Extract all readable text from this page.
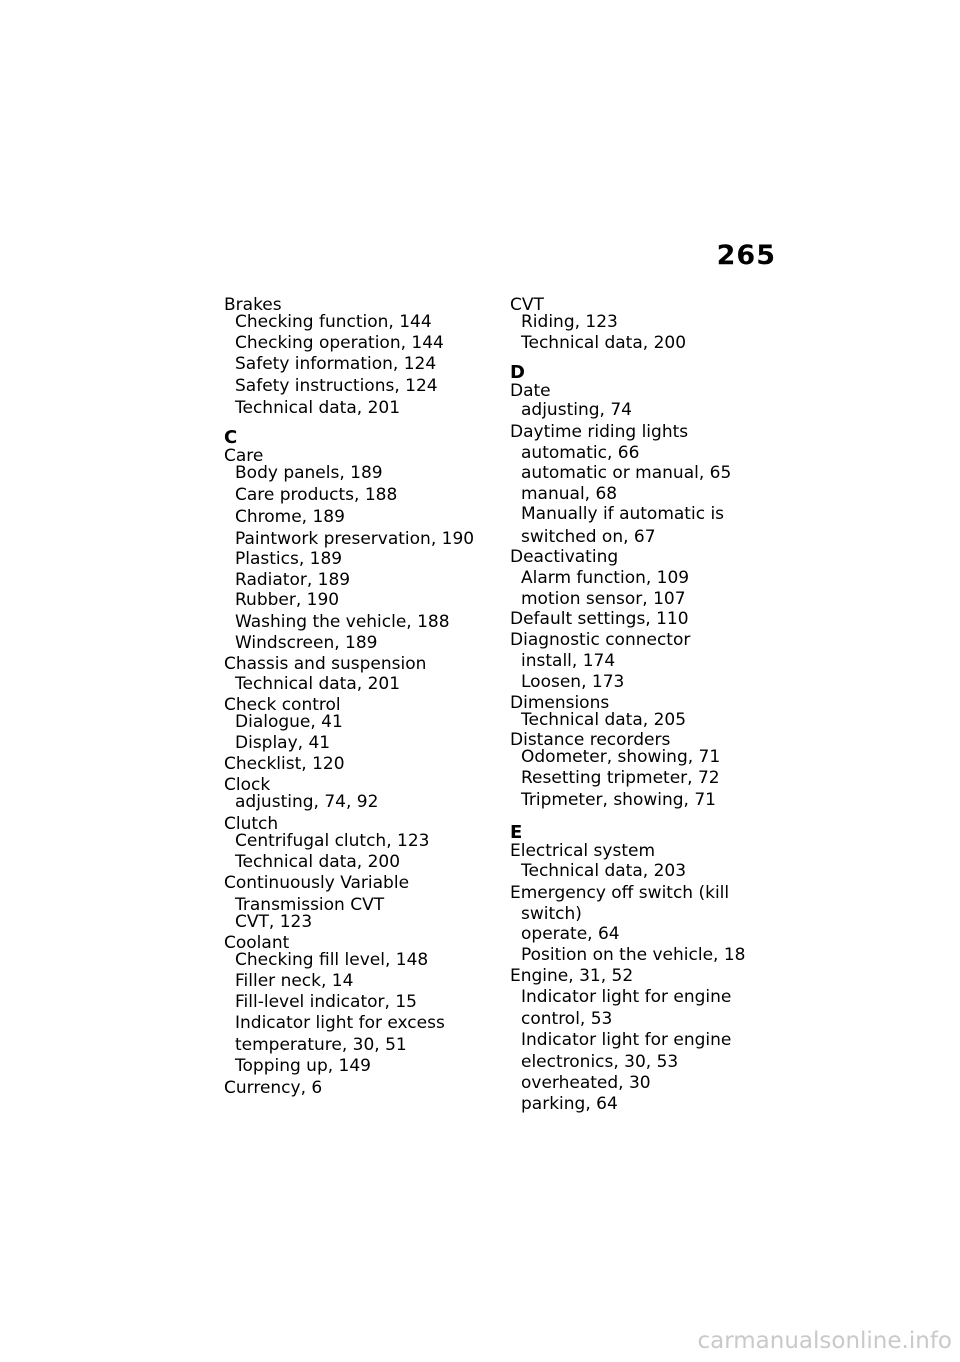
265
Brakes
Checking function, 144
Checking operation, 144
Safety information, 124
Safety instructions, 124
Technical data, 201
C
Care
Body panels, 189
Care products, 188
Chrome, 189
Paintwork preservation, 190
Plastics, 189
Radiator, 189
Rubber, 190
Washing the vehicle, 188
Windscreen, 189
Chassis and suspension
Technical data, 201
Check control
Dialogue, 41
Display, 41
Checklist, 120
Clock
adjusting, 74, 92
Clutch
Centrifugal clutch, 123
Technical data, 200
Continuously Variable
Transmission CVT
CVT, 123
Coolant
Checking fill level, 148
Filler neck, 14
Fill-level indicator, 15
Indicator light for excess
temperature, 30, 51
Topping up, 149
Currency, 6
CVT
Riding, 123
Technical data, 200
D
Date
adjusting, 74
Daytime riding lights
automatic, 66
automatic or manual, 65
manual, 68
Manually if automatic is
switched on, 67
Deactivating
Alarm function, 109
motion sensor, 107
Default settings, 110
Diagnostic connector
install, 174
Loosen, 173
Dimensions
Technical data, 205
Distance recorders
Odometer, showing, 71
Resetting tripmeter, 72
Tripmeter, showing, 71
E
Electrical system
Technical data, 203
Emergency off switch (kill
switch)
operate, 64
Position on the vehicle, 18
Engine, 31, 52
Indicator light for engine
control, 53
Indicator light for engine
electronics, 30, 53
overheated, 30
parking, 64
carmanualsonline.info
